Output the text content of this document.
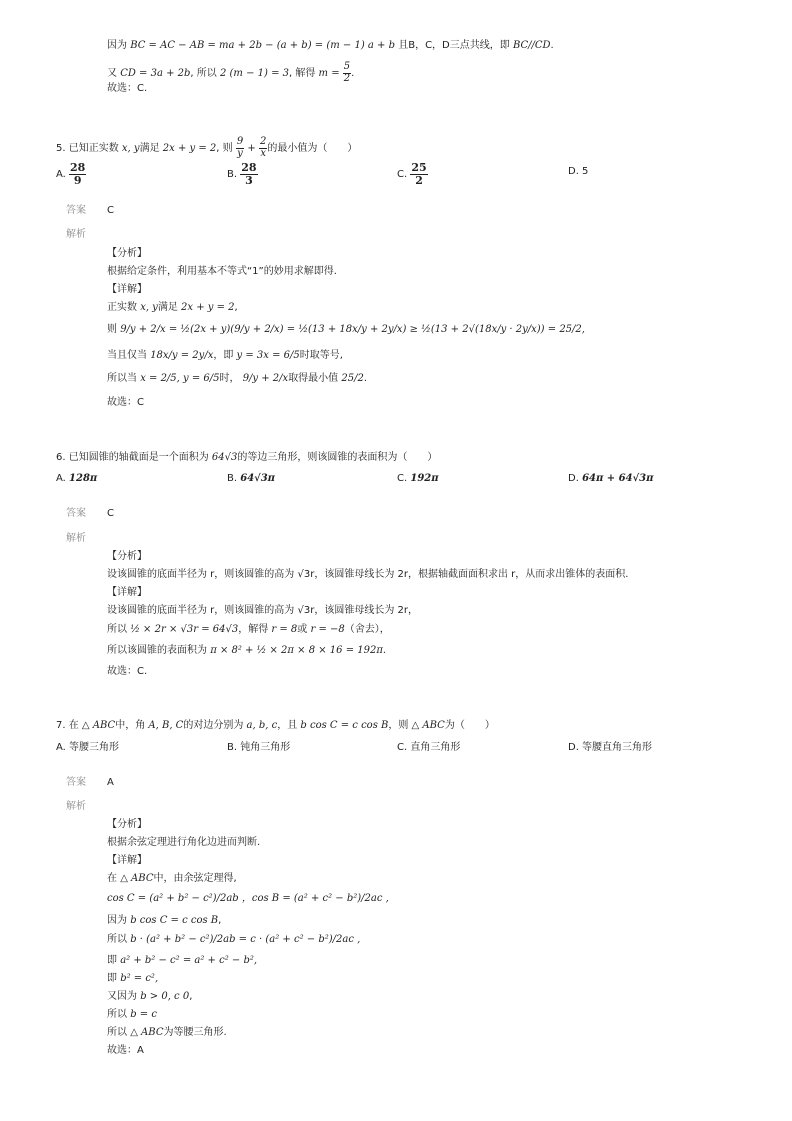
因为 BC = AC − AB = ma + 2b − (a + b) = (m − 1) a + b 且B，C，D三点共线，即 BC//CD.
又 CD = 3a + 2b, 所以 2 (m − 1) = 3, 解得 $m = \frac{5}{2}$ .
故选：C.
5. 已知正实数 x, y满足 2x + y = 2, 则 $\frac{9}{y} + \frac{2}{x}$ 的最小值为（　　）
A. $\frac{28}{9}$	B. $\frac{28}{3}$	C. $\frac{25}{2}$	D. 5
答案 C
解析
【分析】
根据给定条件，利用基本不等式“1”的妙用求解即得.
【详解】
正实数 x, y满足 2x + y = 2,
则 9/y + 2/x = ½(2x + y)(9/y + 2/x) = ½(13 + 18x/y + 2y/x) ≥ ½(13 + 2√(18x/y · 2y/x)) = 25/2,
当且仅当 18x/y = 2y/x，即 y = 3x = 6/5时取等号,
所以当 x = 2/5, y = 6/5时， 9/y + 2/x取得最小值 25/2.
故选：C
6. 已知圆锥的轴截面是一个面积为 64√3的等边三角形，则该圆锥的表面积为（　　）
A. 128π	B. 64√3π	C. 192π	D. 64π + 64√3π
答案 C
解析
【分析】
设该圆锥的底面半径为 r，则该圆锥的高为 √3r，该圆锥母线长为 2r，根据轴截面面积求出 r，从而求出锥体的表面积.
【详解】
设该圆锥的底面半径为 r，则该圆锥的高为 √3r，该圆锥母线长为 2r，
所以 ½ × 2r × √3r = 64√3，解得 r = 8或 r = −8（舍去），
所以该圆锥的表面积为 π × 8² + ½ × 2π × 8 × 16 = 192π.
故选：C.
7. 在 △ ABC中，角 A, B, C的对边分别为 a, b, c，且 b cos C = c cos B，则 △ ABC为（　　）
A. 等腰三角形	B. 钝角三角形	C. 直角三角形	D. 等腰直角三角形
答案 A
解析
【分析】
根据余弦定理进行角化边进而判断.
【详解】
在 △ ABC中，由余弦定理得,
cos C = (a² + b² − c²)/2ab ，cos B = (a² + c² − b²)/2ac ,
因为 b cos C = c cos B,
所以 b · (a² + b² − c²)/2ab = c · (a² + c² − b²)/2ac ,
即 a² + b² − c² = a² + c² − b²,
即 b² = c²,
又因为 b > 0, c 0,
所以 b = c
所以 △ ABC为等腰三角形.
故选：A
